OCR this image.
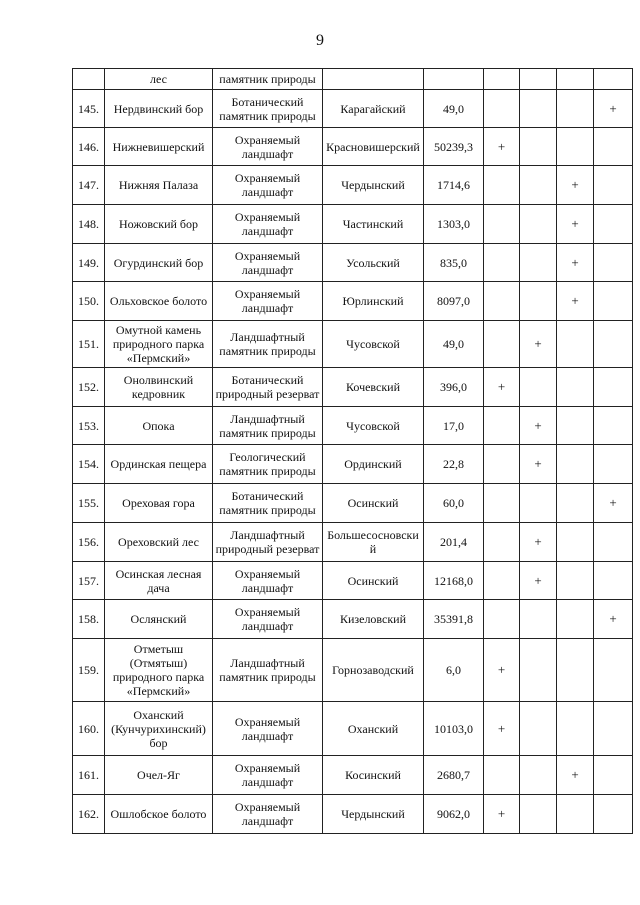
9
	лес	памятник природы						
145.	Нердвинский бор	Ботанический памятник природы	Карагайский	49,0				+
146.	Нижневишерский	Охраняемый ландшафт	Красновишерский	50239,3	+			
147.	Нижняя Палаза	Охраняемый ландшафт	Чердынский	1714,6			+	
148.	Ножовский бор	Охраняемый ландшафт	Частинский	1303,0			+	
149.	Огурдинский бор	Охраняемый ландшафт	Усольский	835,0			+	
150.	Ольховское болото	Охраняемый ландшафт	Юрлинский	8097,0			+	
151.	Омутной камень природного парка «Пермский»	Ландшафтный памятник природы	Чусовской	49,0		+		
152.	Онолвинский кедровник	Ботанический природный резерват	Кочевский	396,0	+			
153.	Опока	Ландшафтный памятник природы	Чусовской	17,0		+		
154.	Ординская пещера	Геологический памятник природы	Ординский	22,8		+		
155.	Ореховая гора	Ботанический памятник природы	Осинский	60,0				+
156.	Ореховский лес	Ландшафтный природный резерват	Большесосновский	201,4		+		
157.	Осинская лесная дача	Охраняемый ландшафт	Осинский	12168,0		+		
158.	Ослянский	Охраняемый ландшафт	Кизеловский	35391,8				+
159.	Отметыш (Отмятыш) природного парка «Пермский»	Ландшафтный памятник природы	Горнозаводский	6,0	+			
160.	Оханский (Кунчурихинский) бор	Охраняемый ландшафт	Оханский	10103,0	+			
161.	Очел-Яг	Охраняемый ландшафт	Косинский	2680,7			+	
162.	Ошлобское болото	Охраняемый ландшафт	Чердынский	9062,0	+			
